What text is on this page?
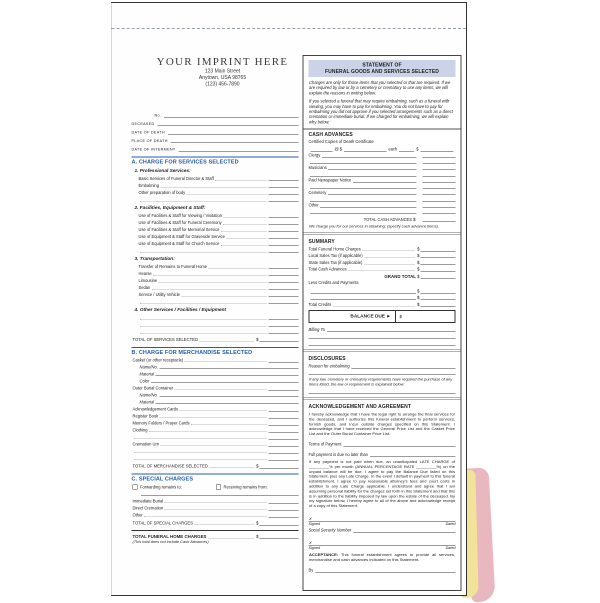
YOUR IMPRINT HERE
123 Main Street
Anytown, USA 98765
(123) 456-7890
No.
DECEASED
DATE OF DEATH
PLACE OF DEATH
DATE OF INTERMENT
A. CHARGE FOR SERVICES SELECTED
1. Professional Services:
Basic Services of Funeral Director & Staff
Embalming
Other preparation of body
2. Facilities, Equipment & Staff:
Use of Facilities & Staff for Viewing / Visitation
Use of Facilities & Staff for Funeral Ceremony
Use of Facilities & Staff for Memorial Service
Use of Equipment & Staff for Graveside Service
Use of Equipment & Staff for Church Service
3. Transportation:
Transfer of Remains to Funeral Home
Hearse
Limousine
Sedan
Service / Utility Vehicle
4. Other Services / Facilities / Equipment
TOTAL OF SERVICES SELECTED	$
B. CHARGE FOR MERCHANDISE SELECTED
Casket (or other receptacle)
Name/No.
Material
Color
Outer Burial Container
Name/No.
Material
Acknowledgement Cards
Register Book
Memory Folders / Prayer Cards
Clothing
Cremation Urn
TOTAL OF MERCHANDISE SELECTED	$
C. SPECIAL CHARGES
Forwarding remains to:	Receiving remains from:
Immediate Burial
Direct Cremation
Other
TOTAL OF SPECIAL CHARGES	$
TOTAL FUNERAL HOME CHARGES	$
(This total does not include Cash Advances)
STATEMENT OF
FUNERAL GOODS AND SERVICES SELECTED

Charges are only for those items that you selected or that are required. If we are required by law or by a cemetery or crematory to use any items, we will explain the reasons in writing below.

If you selected a funeral that may require embalming, such as a funeral with viewing, you may have to pay for embalming. You do not have to pay for embalming you did not approve if you selected arrangements such as a direct cremation or immediate burial. If we charged for embalming, we will explain why below.

CASH ADVANCES
Certified Copies of Death Certificate
@ $	each $
Clergy
Musicians
Paid Newspaper Notice
Cemetery
Other
TOTAL CASH ADVANCES $

We charge you for our services in obtaining: (specify cash advance items).

SUMMARY
Total Funeral Home Charges	$
Local Sales Tax (if applicable)	$
State Sales Tax (if applicable)	$
Total Cash Advances	$
GRAND TOTAL $
Less Credits and Payments
$
$
Total Credits	$
BALANCE DUE ► $
Billing To
DISCLOSURES
Reason for embalming

If any law, cemetery or crematory requirements have required the purchase of any items listed, the law or requirement is explained below:

ACKNOWLEDGEMENT AND AGREEMENT

I hereby acknowledge that I have the legal right to arrange the final services for the deceased, and I authorize this funeral establishment to perform services, furnish goods, and incur outside charges specified on this Statement. I acknowledge that I have received the General Price List and the Casket Price List and the Outer Burial Container Price List.

Terms of Payment
Full payment is due no later than

If any payment is not paid when due, an unanticipated LATE CHARGE of _________% per month (ANNUAL PERCENTAGE RATE _________%) on the unpaid balance will be due. I agree to pay the Balance Due listed on this Statement, plus any Late Charge. In the event I default in payment to this funeral establishment, I agree to pay reasonable attorney's fees and court costs in addition to any Late Charge applicable. I understand and agree that I am assuming personal liability for the charges set forth in this Statement and that this is in addition to the liability imposed by law upon the estate of the deceased. By my signature below, I hereby agree to all of the above and acknowledge receipt of a copy of this Statement.

X
Signed	Dated
Social Security Number
X
Signed	Dated

ACCEPTANCE: This funeral establishment agrees to provide all services, merchandise and cash advances indicated on this Statement.

By
